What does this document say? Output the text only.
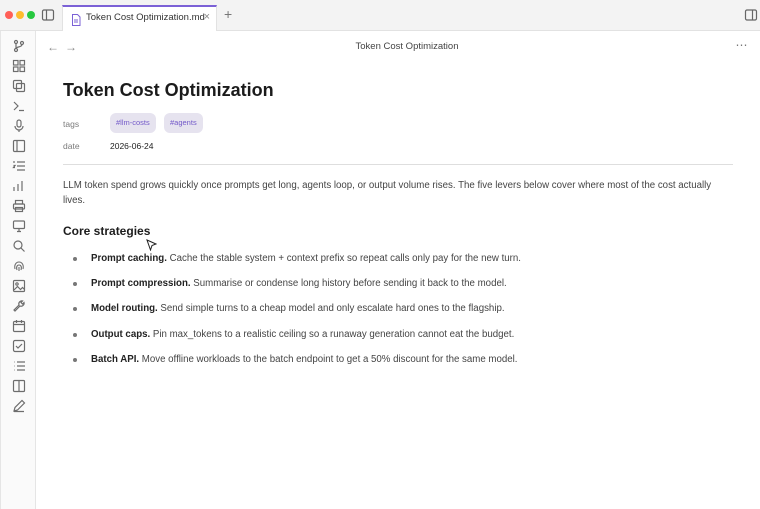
Token Cost Optimization.md
× +
← →	Token Cost Optimization	⋯
Token Cost Optimization
tags	#llm-costs	#agents
date	2026-06-24

LLM token spend grows quickly once prompts get long, agents loop, or output volume rises. The five levers below cover where most of the cost actually lives.

Core strategies
Prompt caching. Cache the stable system + context prefix so repeat calls only pay for the new turn.
Prompt compression. Summarise or condense long history before sending it back to the model.
Model routing. Send simple turns to a cheap model and only escalate hard ones to the flagship.
Output caps. Pin max_tokens to a realistic ceiling so a runaway generation cannot eat the budget.
Batch API. Move offline workloads to the batch endpoint to get a 50% discount for the same model.
